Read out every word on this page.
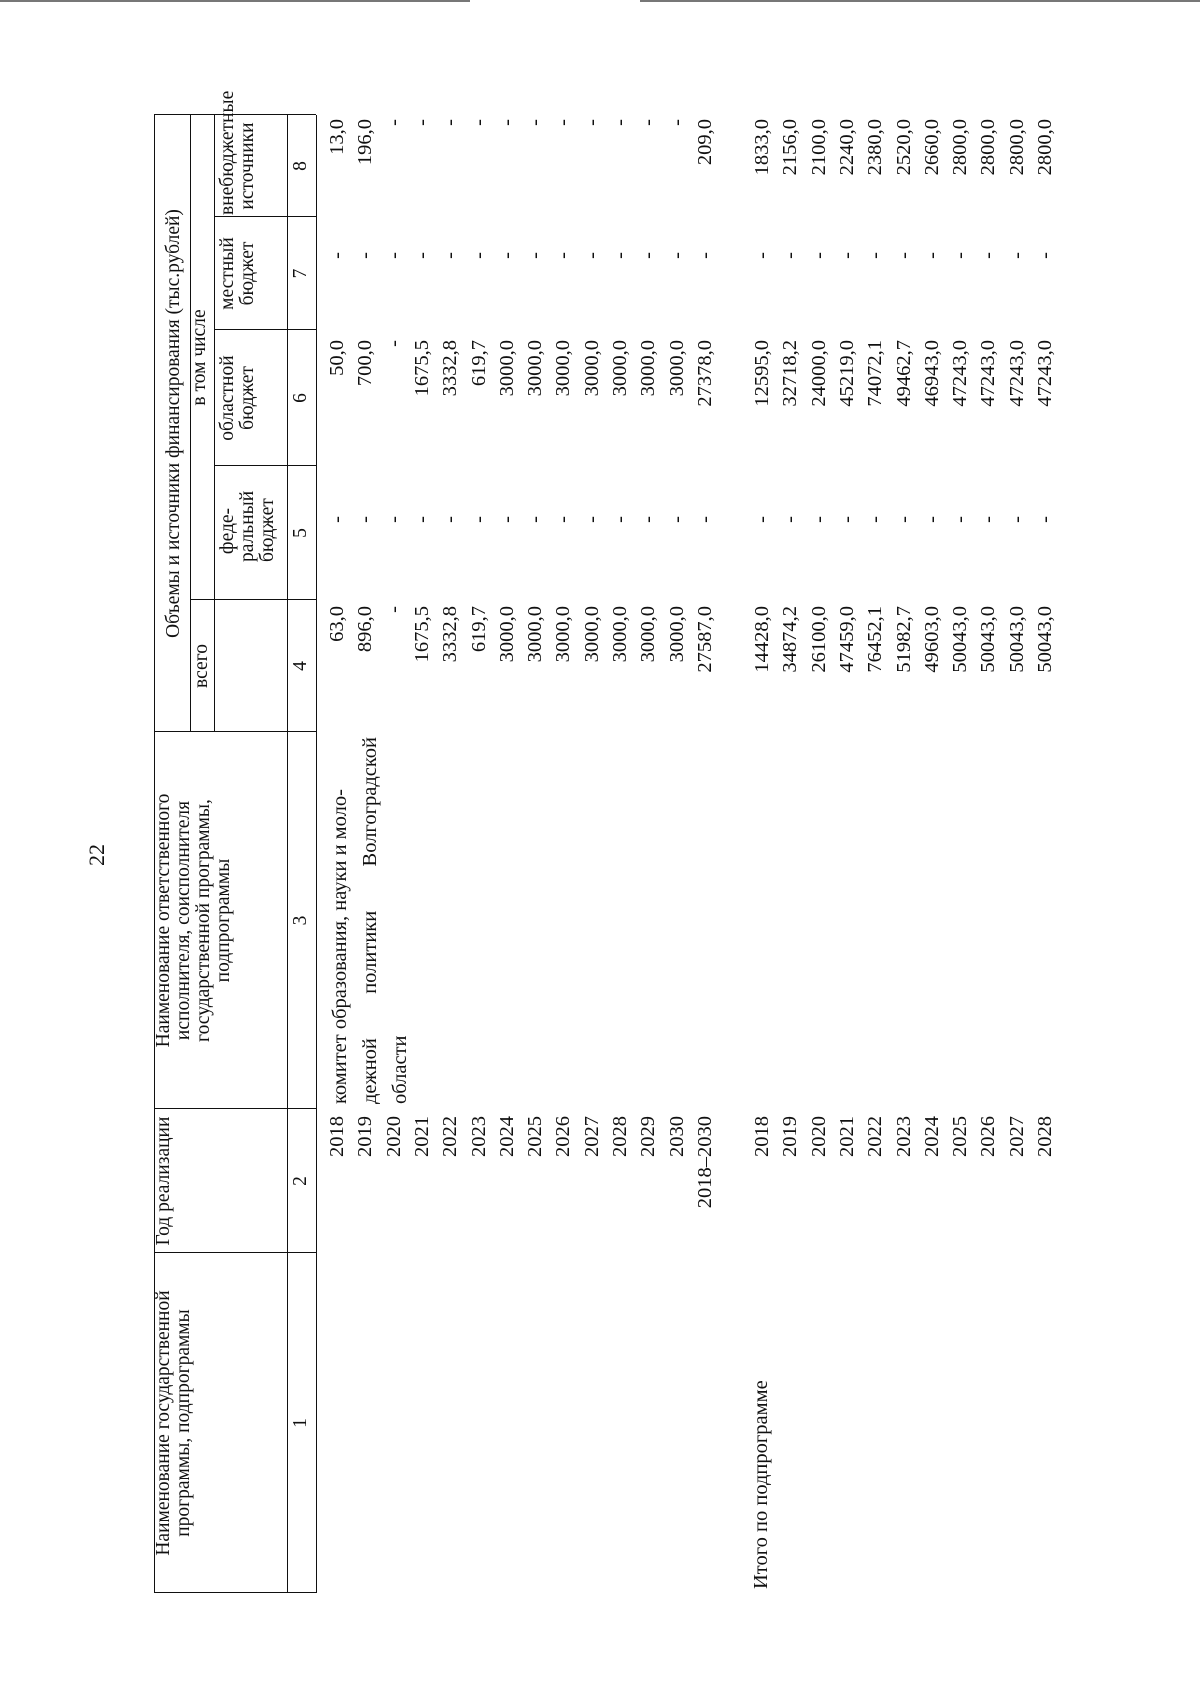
22
Наименование государственной программы, подпрограммы
Год реализации
Наименование ответственного исполнителя, соисполнителя государственной программы, подпрограммы
Объемы и источники финансирования (тыс.рублей)
всего
в том числе
феде-ральный бюджет
областной бюджет
местный бюджет
внебюджетные источники
1
2
3
4
5
6
7
8
комитет образования, науки и моло- дежной политики Волгоградской области
Итого по подпрограмме
2018
63,0
-
50,0
-
13,0
2019
896,0
-
700,0
-
196,0
2020
-
-
-
-
-
2021
1675,5
-
1675,5
-
-
2022
3332,8
-
3332,8
-
-
2023
619,7
-
619,7
-
-
2024
3000,0
-
3000,0
-
-
2025
3000,0
-
3000,0
-
-
2026
3000,0
-
3000,0
-
-
2027
3000,0
-
3000,0
-
-
2028
3000,0
-
3000,0
-
-
2029
3000,0
-
3000,0
-
-
2030
3000,0
-
3000,0
-
-
2018–2030
27587,0
-
27378,0
-
209,0
2018
14428,0
-
12595,0
-
1833,0
2019
34874,2
-
32718,2
-
2156,0
2020
26100,0
-
24000,0
-
2100,0
2021
47459,0
-
45219,0
-
2240,0
2022
76452,1
-
74072,1
-
2380,0
2023
51982,7
-
49462,7
-
2520,0
2024
49603,0
-
46943,0
-
2660,0
2025
50043,0
-
47243,0
-
2800,0
2026
50043,0
-
47243,0
-
2800,0
2027
50043,0
-
47243,0
-
2800,0
2028
50043,0
-
47243,0
-
2800,0
